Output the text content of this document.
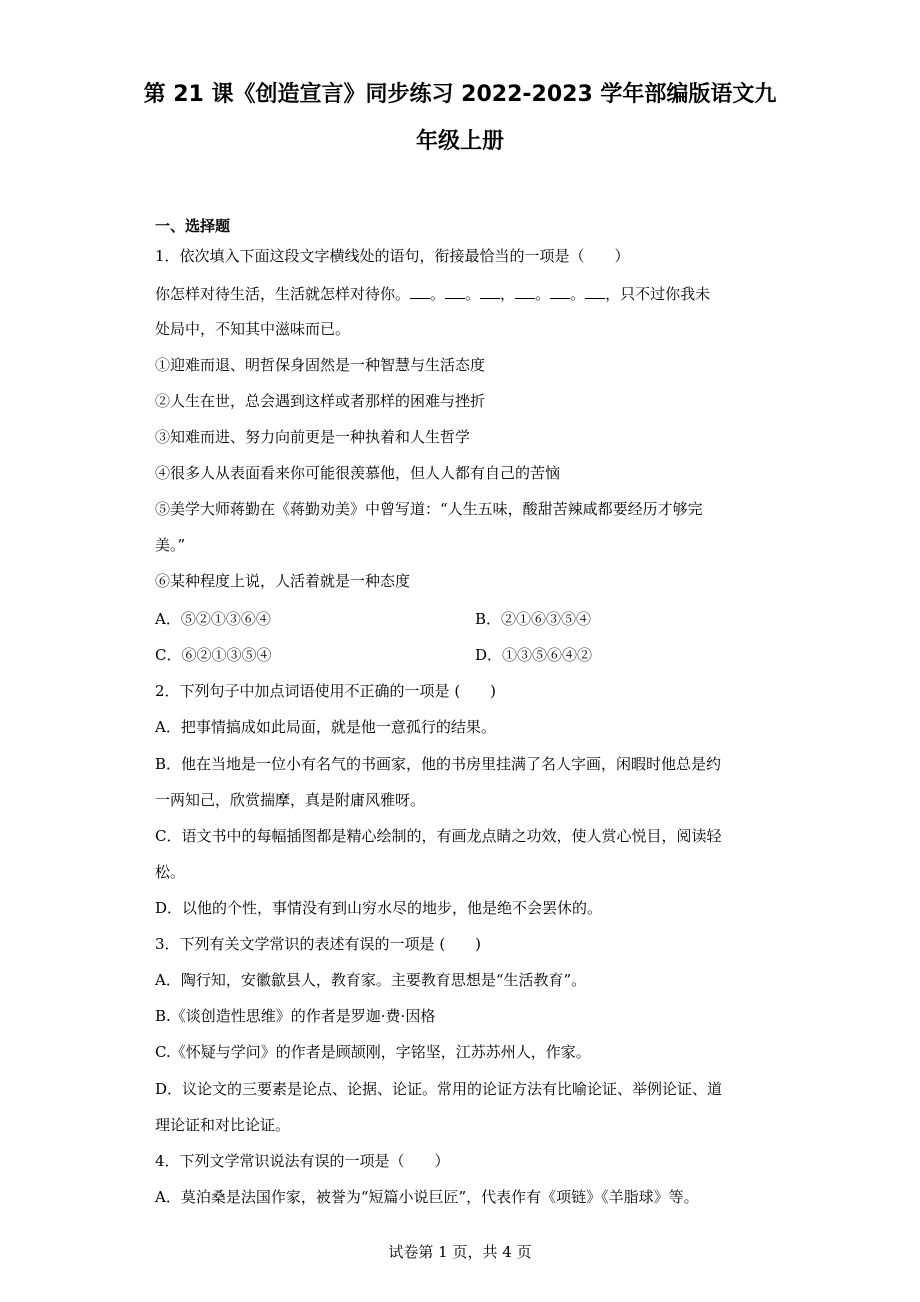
第 21 课《创造宣言》同步练习 2022-2023 学年部编版语文九
年级上册
一、选择题
1．依次填入下面这段文字横线处的语句，衔接最恰当的一项是（　　）
你怎样对待生活，生活就怎样对待你。 。 。 ， 。 。 ，只不过你我未
处局中，不知其中滋味而已。
①迎难而退、明哲保身固然是一种智慧与生活态度
②人生在世，总会遇到这样或者那样的困难与挫折
③知难而进、努力向前更是一种执着和人生哲学
④很多人从表面看来你可能很羡慕他，但人人都有自己的苦恼
⑤美学大师蒋勤在《蒋勤劝美》中曾写道：“人生五味，酸甜苦辣咸都要经历才够完
美。”
⑥某种程度上说，人活着就是一种态度
A．⑤②①③⑥④	B．②①⑥③⑤④
C．⑥②①③⑤④	D．①③⑤⑥④②
2．下列句子中加点词语使用不正确的一项是 (　　)
A．把事情搞成如此局面，就是他一意孤行的结果。
B．他在当地是一位小有名气的书画家，他的书房里挂满了名人字画，闲暇时他总是约
一两知己，欣赏揣摩，真是附庸风雅呀。
C．语文书中的每幅插图都是精心绘制的，有画龙点睛之功效，使人赏心悦目，阅读轻
松。
D．以他的个性，事情没有到山穷水尽的地步，他是绝不会罢休的。
3．下列有关文学常识的表述有误的一项是 (　　)
A．陶行知，安徽歙县人，教育家。主要教育思想是“生活教育”。
B.《谈创造性思维》的作者是罗迦·费·因格
C.《怀疑与学问》的作者是顾颉刚，字铭坚，江苏苏州人，作家。
D．议论文的三要素是论点、论据、论证。常用的论证方法有比喻论证、举例论证、道
理论证和对比论证。
4．下列文学常识说法有误的一项是（　　）
A．莫泊桑是法国作家，被誉为“短篇小说巨匠”，代表作有《项链》《羊脂球》等。
试卷第 1 页，共 4 页
